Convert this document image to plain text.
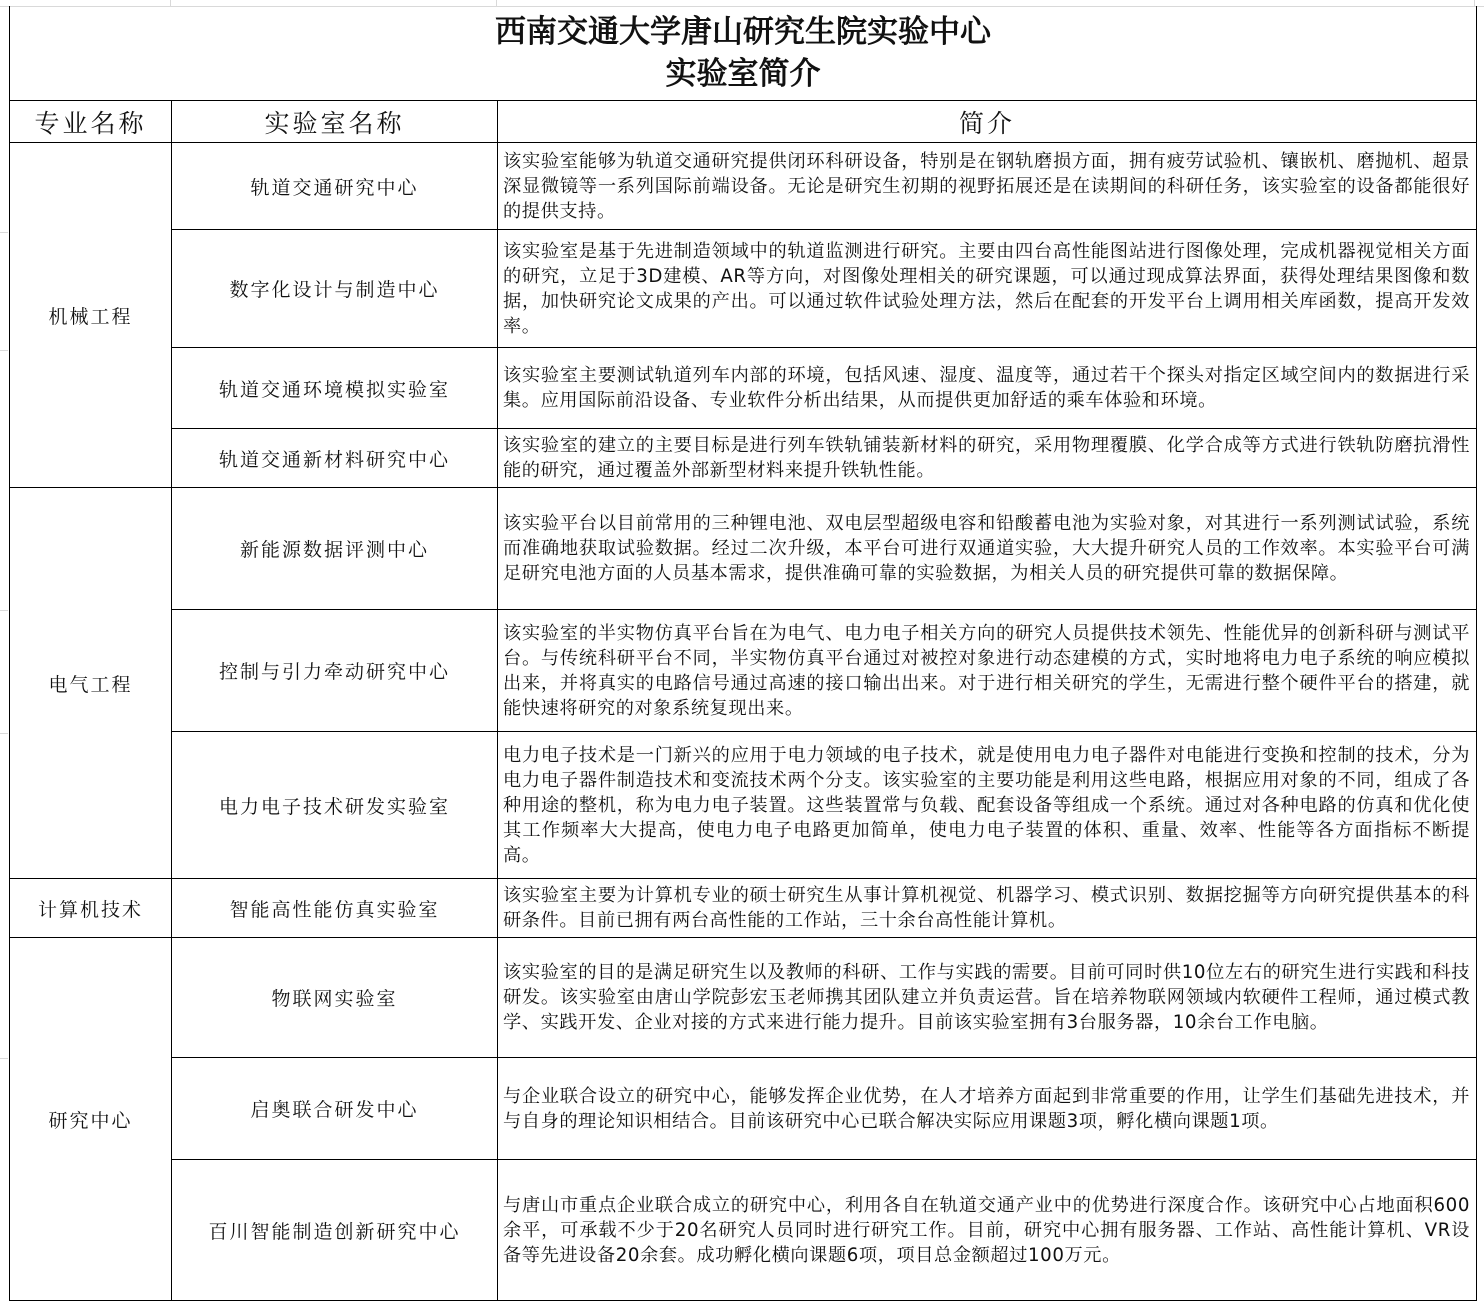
西南交通大学唐山研究生院实验中心
实验室简介		

专业名称	实验室名称	简介
机械工程	轨道交通研究中心	该实验室能够为轨道交通研究提供闭环科研设备，特别是在钢轨磨损方面，拥有疲劳试验机、镶嵌机、磨抛机、超景深显微镜等一系列国际前端设备。无论是研究生初期的视野拓展还是在读期间的科研任务，该实验室的设备都能很好的提供支持。
	数字化设计与制造中心	该实验室是基于先进制造领域中的轨道监测进行研究。主要由四台高性能图站进行图像处理，完成机器视觉相关方面的研究，立足于3D建模、AR等方向，对图像处理相关的研究课题，可以通过现成算法界面，获得处理结果图像和数据，加快研究论文成果的产出。可以通过软件试验处理方法，然后在配套的开发平台上调用相关库函数，提高开发效率。
	轨道交通环境模拟实验室	该实验室主要测试轨道列车内部的环境，包括风速、湿度、温度等，通过若干个探头对指定区域空间内的数据进行采集。应用国际前沿设备、专业软件分析出结果，从而提供更加舒适的乘车体验和环境。
	轨道交通新材料研究中心	该实验室的建立的主要目标是进行列车铁轨铺装新材料的研究，采用物理覆膜、化学合成等方式进行铁轨防磨抗滑性能的研究，通过覆盖外部新型材料来提升铁轨性能。
电气工程	新能源数据评测中心	该实验平台以目前常用的三种锂电池、双电层型超级电容和铅酸蓄电池为实验对象，对其进行一系列测试试验，系统而准确地获取试验数据。经过二次升级，本平台可进行双通道实验，大大提升研究人员的工作效率。本实验平台可满足研究电池方面的人员基本需求，提供准确可靠的实验数据，为相关人员的研究提供可靠的数据保障。
	控制与引力牵动研究中心	该实验室的半实物仿真平台旨在为电气、电力电子相关方向的研究人员提供技术领先、性能优异的创新科研与测试平台。与传统科研平台不同，半实物仿真平台通过对被控对象进行动态建模的方式，实时地将电力电子系统的响应模拟出来，并将真实的电路信号通过高速的接口输出出来。对于进行相关研究的学生，无需进行整个硬件平台的搭建，就能快速将研究的对象系统复现出来。
	电力电子技术研发实验室	电力电子技术是一门新兴的应用于电力领域的电子技术，就是使用电力电子器件对电能进行变换和控制的技术，分为电力电子器件制造技术和变流技术两个分支。该实验室的主要功能是利用这些电路，根据应用对象的不同，组成了各种用途的整机，称为电力电子装置。这些装置常与负载、配套设备等组成一个系统。通过对各种电路的仿真和优化使其工作频率大大提高，使电力电子电路更加简单，使电力电子装置的体积、重量、效率、性能等各方面指标不断提高。
计算机技术	智能高性能仿真实验室	该实验室主要为计算机专业的硕士研究生从事计算机视觉、机器学习、模式识别、数据挖掘等方向研究提供基本的科研条件。目前已拥有两台高性能的工作站，三十余台高性能计算机。
研究中心	物联网实验室	该实验室的目的是满足研究生以及教师的科研、工作与实践的需要。目前可同时供10位左右的研究生进行实践和科技研发。该实验室由唐山学院彭宏玉老师携其团队建立并负责运营。旨在培养物联网领域内软硬件工程师，通过模式教学、实践开发、企业对接的方式来进行能力提升。目前该实验室拥有3台服务器，10余台工作电脑。
	启奥联合研发中心	与企业联合设立的研究中心，能够发挥企业优势，在人才培养方面起到非常重要的作用，让学生们基础先进技术，并与自身的理论知识相结合。目前该研究中心已联合解决实际应用课题3项，孵化横向课题1项。
	百川智能制造创新研究中心	与唐山市重点企业联合成立的研究中心，利用各自在轨道交通产业中的优势进行深度合作。该研究中心占地面积600余平，可承载不少于20名研究人员同时进行研究工作。目前，研究中心拥有服务器、工作站、高性能计算机、VR设备等先进设备20余套。成功孵化横向课题6项，项目总金额超过100万元。
